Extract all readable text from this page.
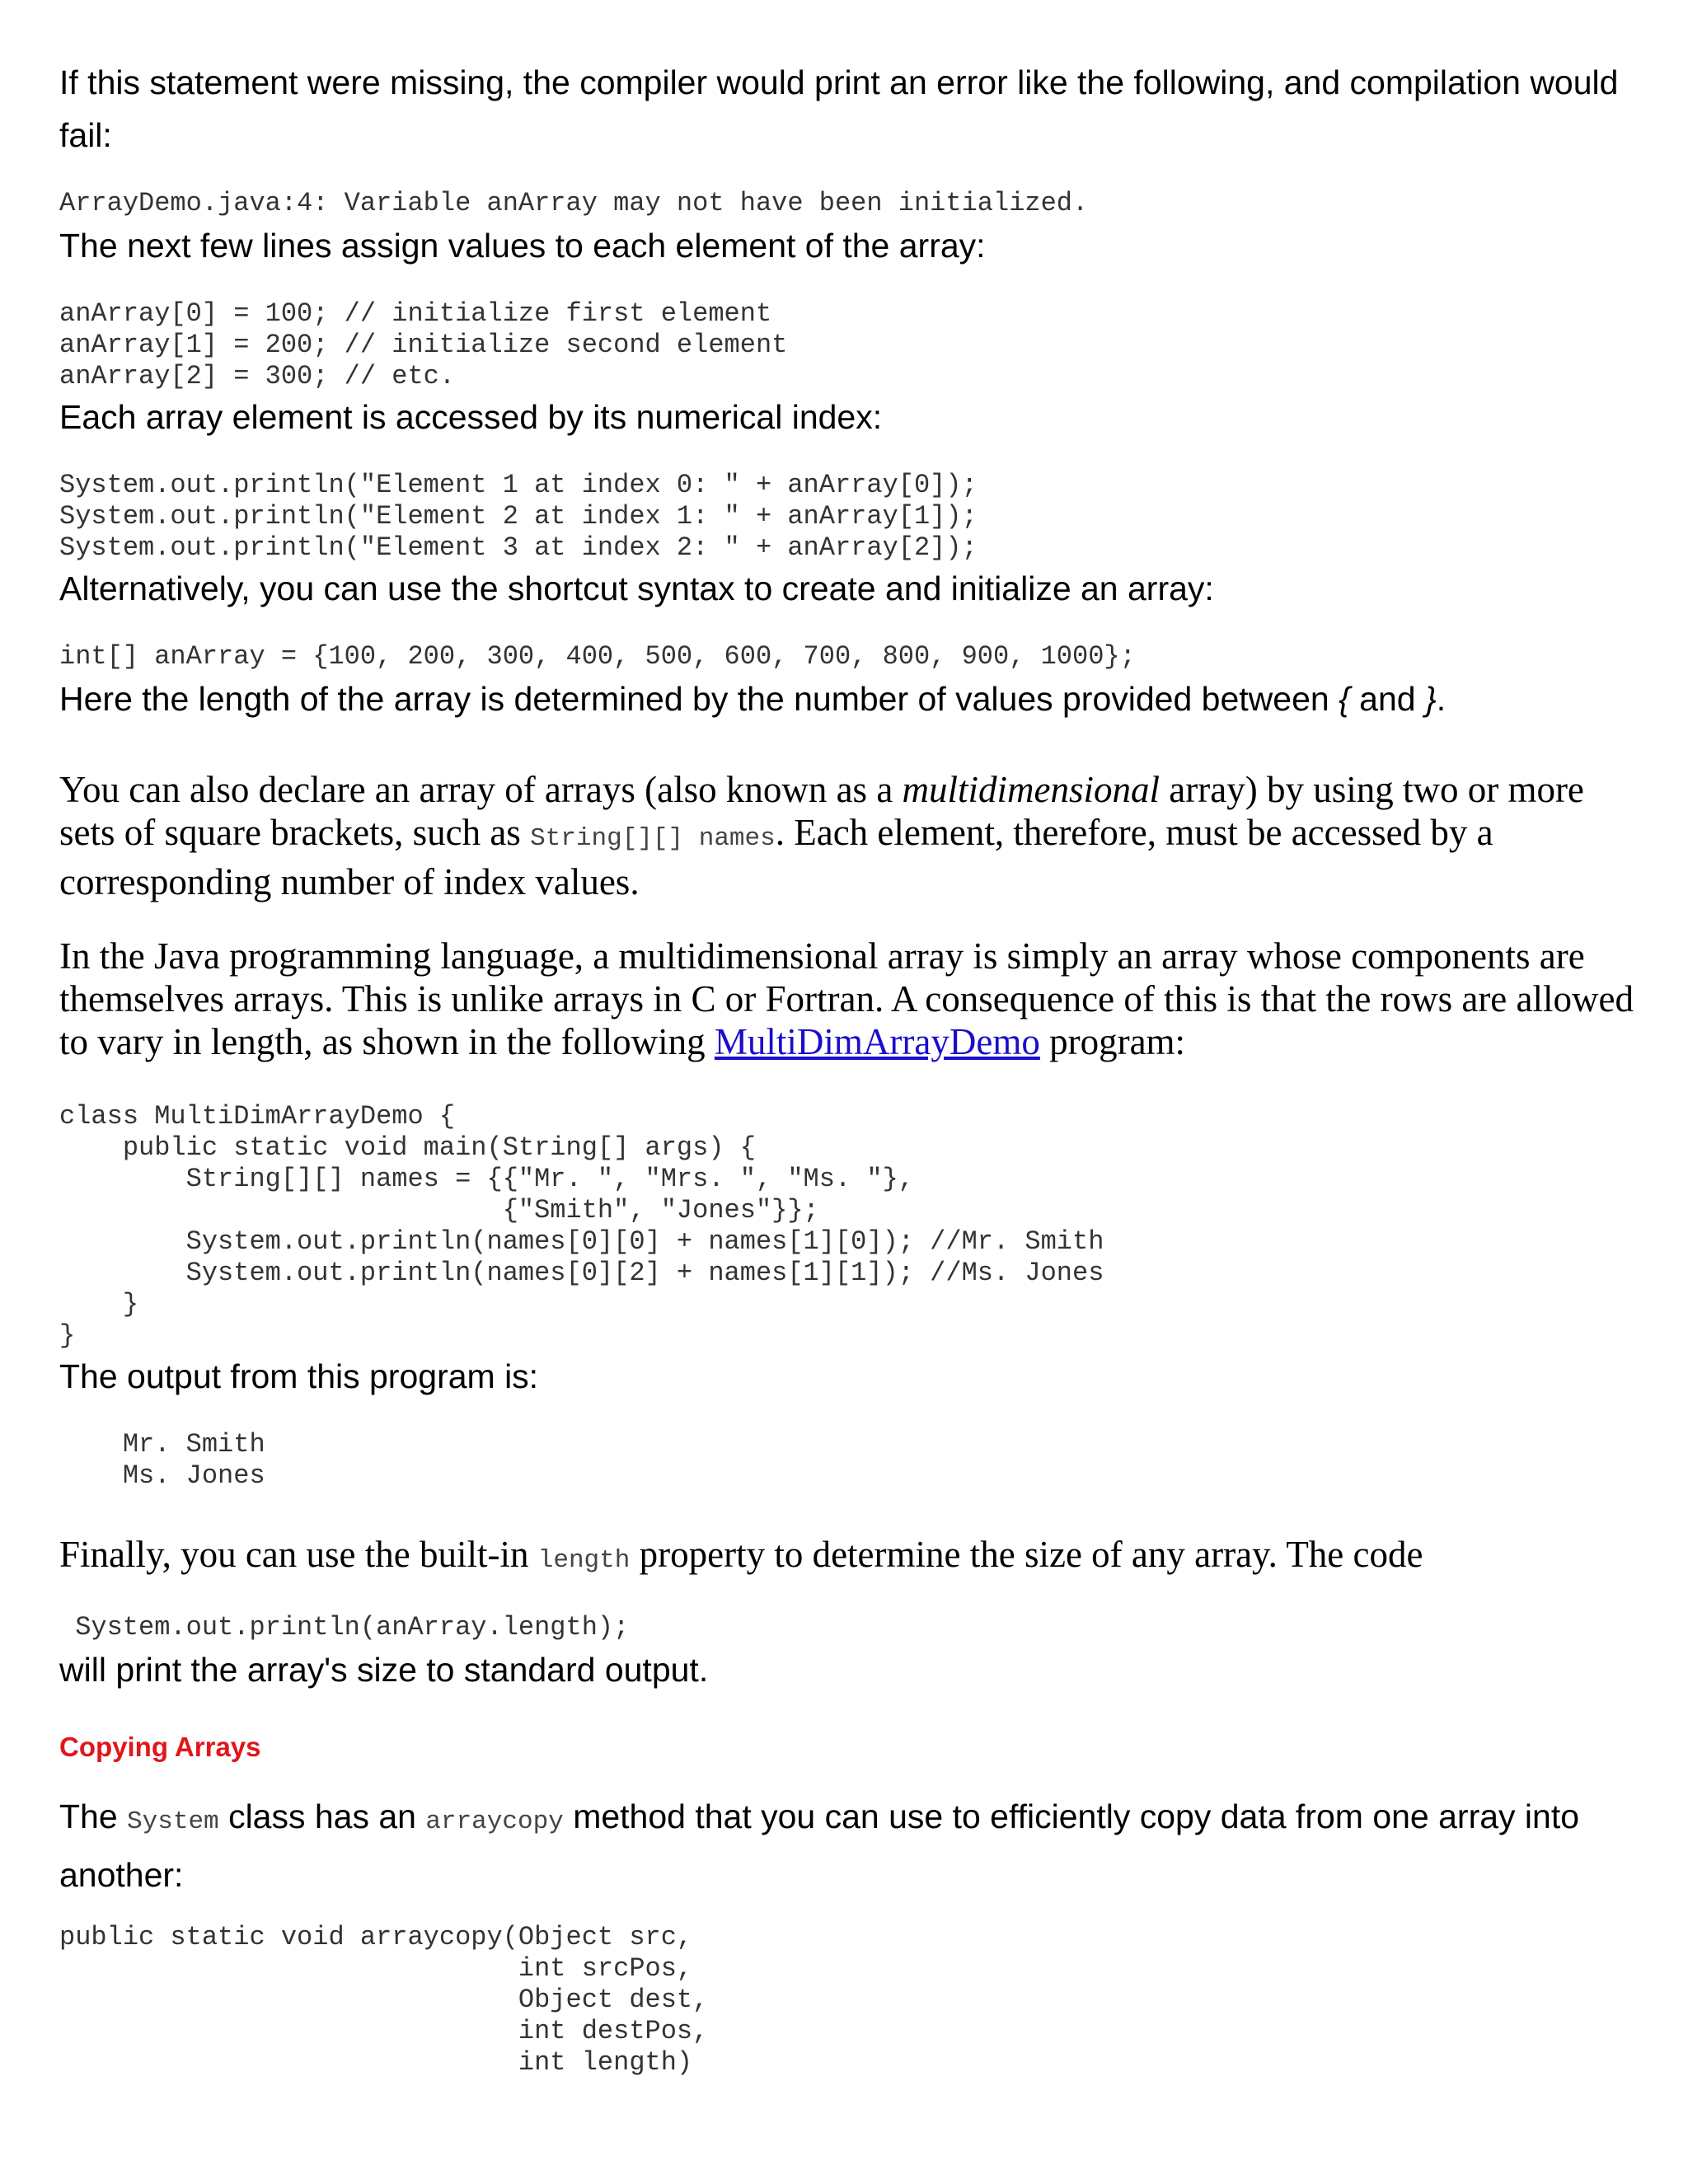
If this statement were missing, the compiler would print an error like the following, and compilation would fail:

ArrayDemo.java:4: Variable anArray may not have been initialized.

The next few lines assign values to each element of the array:

anArray[0] = 100; // initialize first element
anArray[1] = 200; // initialize second element
anArray[2] = 300; // etc.

Each array element is accessed by its numerical index:

System.out.println("Element 1 at index 0: " + anArray[0]);
System.out.println("Element 2 at index 1: " + anArray[1]);
System.out.println("Element 3 at index 2: " + anArray[2]);

Alternatively, you can use the shortcut syntax to create and initialize an array:

int[] anArray = {100, 200, 300, 400, 500, 600, 700, 800, 900, 1000};

Here the length of the array is determined by the number of values provided between { and }.

You can also declare an array of arrays (also known as a multidimensional array) by using two or more sets of square brackets, such as String[][] names. Each element, therefore, must be accessed by a corresponding number of index values.

In the Java programming language, a multidimensional array is simply an array whose components are themselves arrays. This is unlike arrays in C or Fortran. A consequence of this is that the rows are allowed to vary in length, as shown in the following MultiDimArrayDemo program:

class MultiDimArrayDemo {
public static void main(String[] args) {
String[][] names = {{"Mr. ", "Mrs. ", "Ms. "},
{"Smith", "Jones"}};
System.out.println(names[0][0] + names[1][0]); //Mr. Smith
System.out.println(names[0][2] + names[1][1]); //Ms. Jones
}
}

The output from this program is:

Mr. Smith
Ms. Jones

Finally, you can use the built-in length property to determine the size of any array. The code

System.out.println(anArray.length);

will print the array's size to standard output.

Copying Arrays

The System class has an arraycopy method that you can use to efficiently copy data from one array into another:

public static void arraycopy(Object src,
int srcPos,
Object dest,
int destPos,
int length)
